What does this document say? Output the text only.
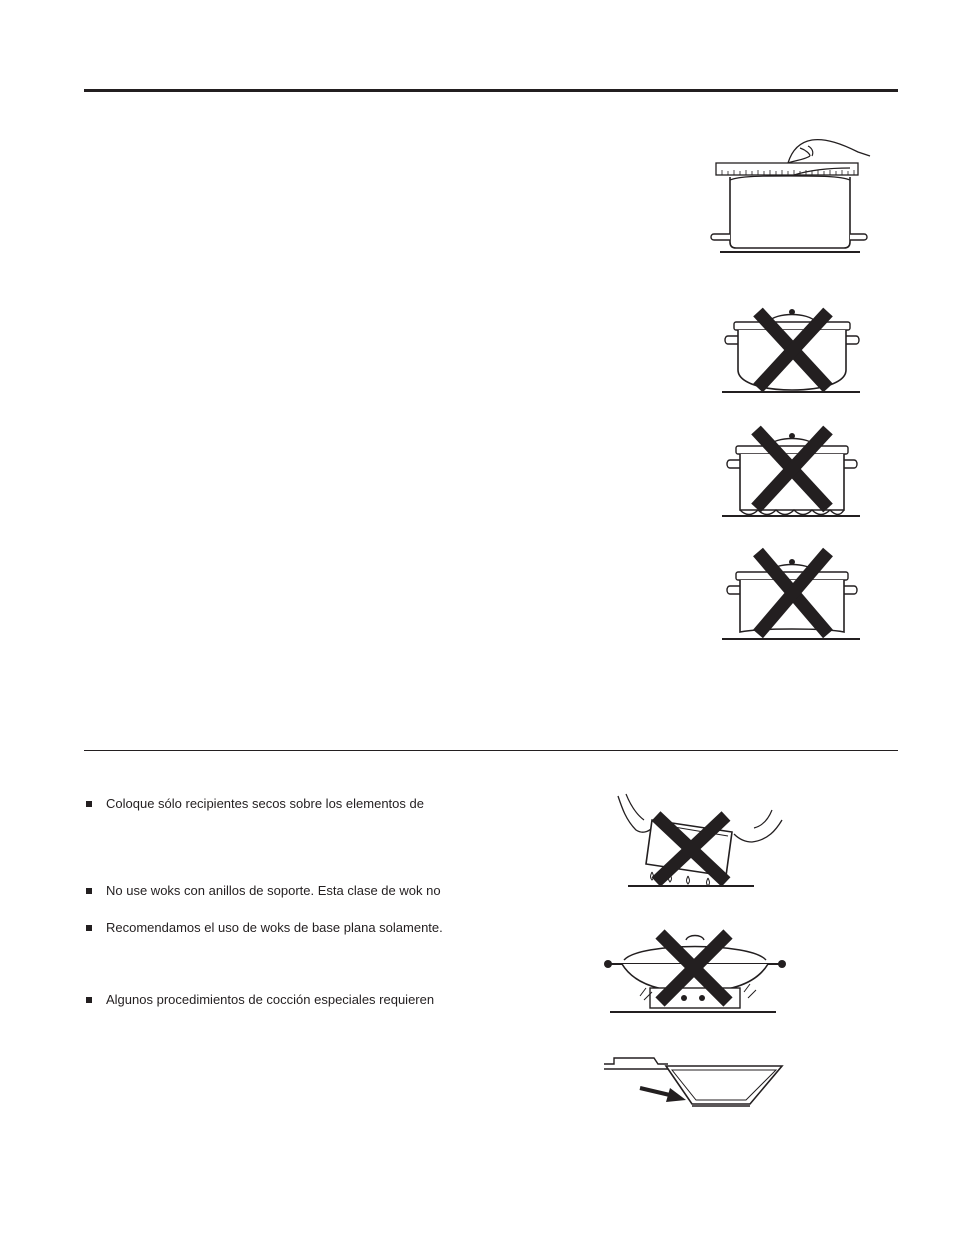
Coloque sólo recipientes secos sobre los elementos de
No use woks con anillos de soporte. Esta clase de wok no
Recomendamos el uso de woks de base plana solamente.
Algunos procedimientos de cocción especiales requieren
